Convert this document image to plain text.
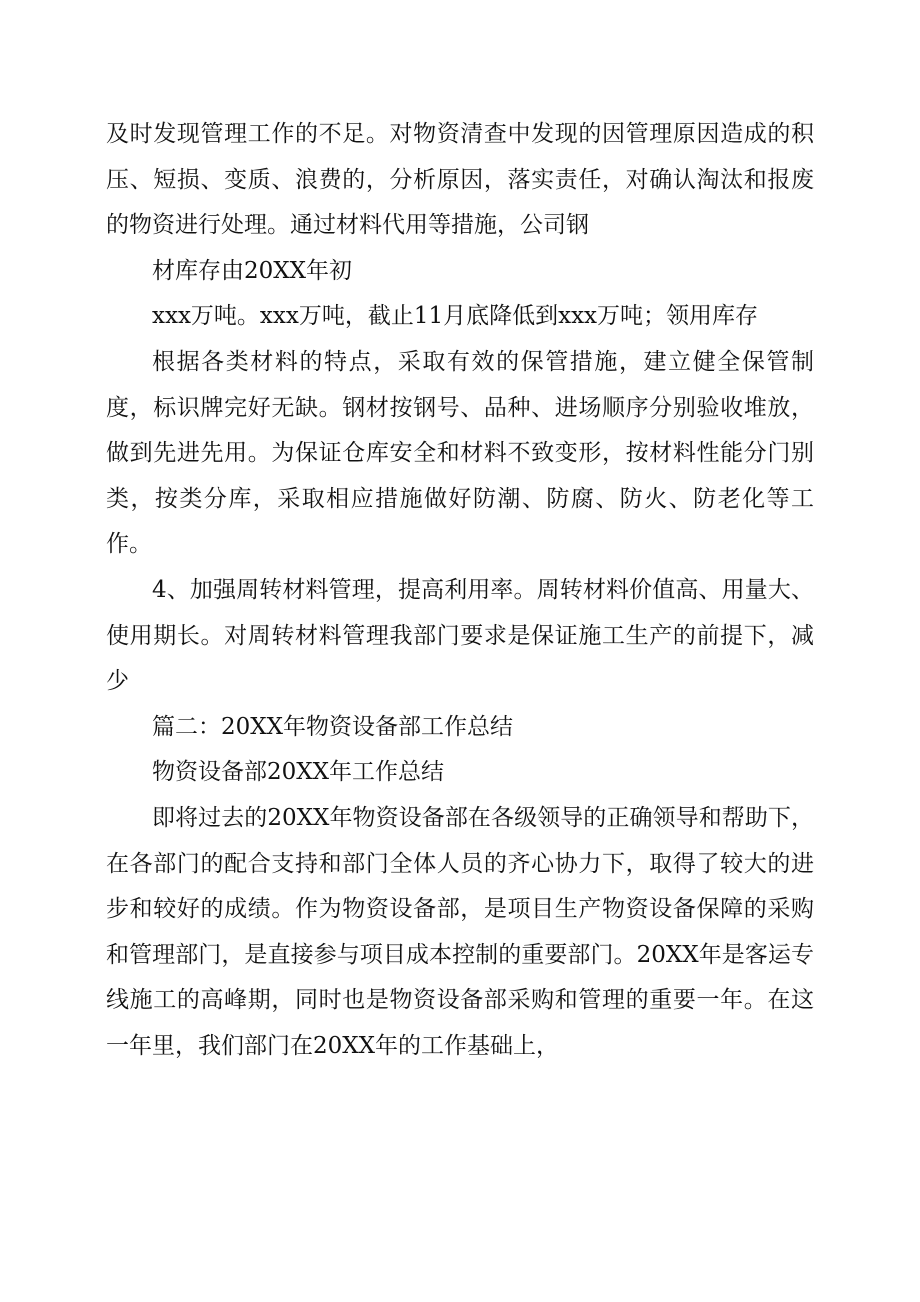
及时发现管理工作的不足。对物资清查中发现的因管理原因造成的积压、短损、变质、浪费的，分析原因，落实责任，对确认淘汰和报废的物资进行处理。通过材料代用等措施，公司钢

材库存由20XX年初

xxx万吨。xxx万吨，截止11月底降低到xxx万吨；领用库存

根据各类材料的特点，采取有效的保管措施，建立健全保管制度，标识牌完好无缺。钢材按钢号、品种、进场顺序分别验收堆放，做到先进先用。为保证仓库安全和材料不致变形，按材料性能分门别类，按类分库，采取相应措施做好防潮、防腐、防火、防老化等工作。

4、加强周转材料管理，提高利用率。周转材料价值高、用量大、使用期长。对周转材料管理我部门要求是保证施工生产的前提下，减少

篇二：20XX年物资设备部工作总结

物资设备部20XX年工作总结

即将过去的20XX年物资设备部在各级领导的正确领导和帮助下，在各部门的配合支持和部门全体人员的齐心协力下，取得了较大的进步和较好的成绩。作为物资设备部，是项目生产物资设备保障的采购和管理部门，是直接参与项目成本控制的重要部门。20XX年是客运专线施工的高峰期，同时也是物资设备部采购和管理的重要一年。在这一年里，我们部门在20XX年的工作基础上，
